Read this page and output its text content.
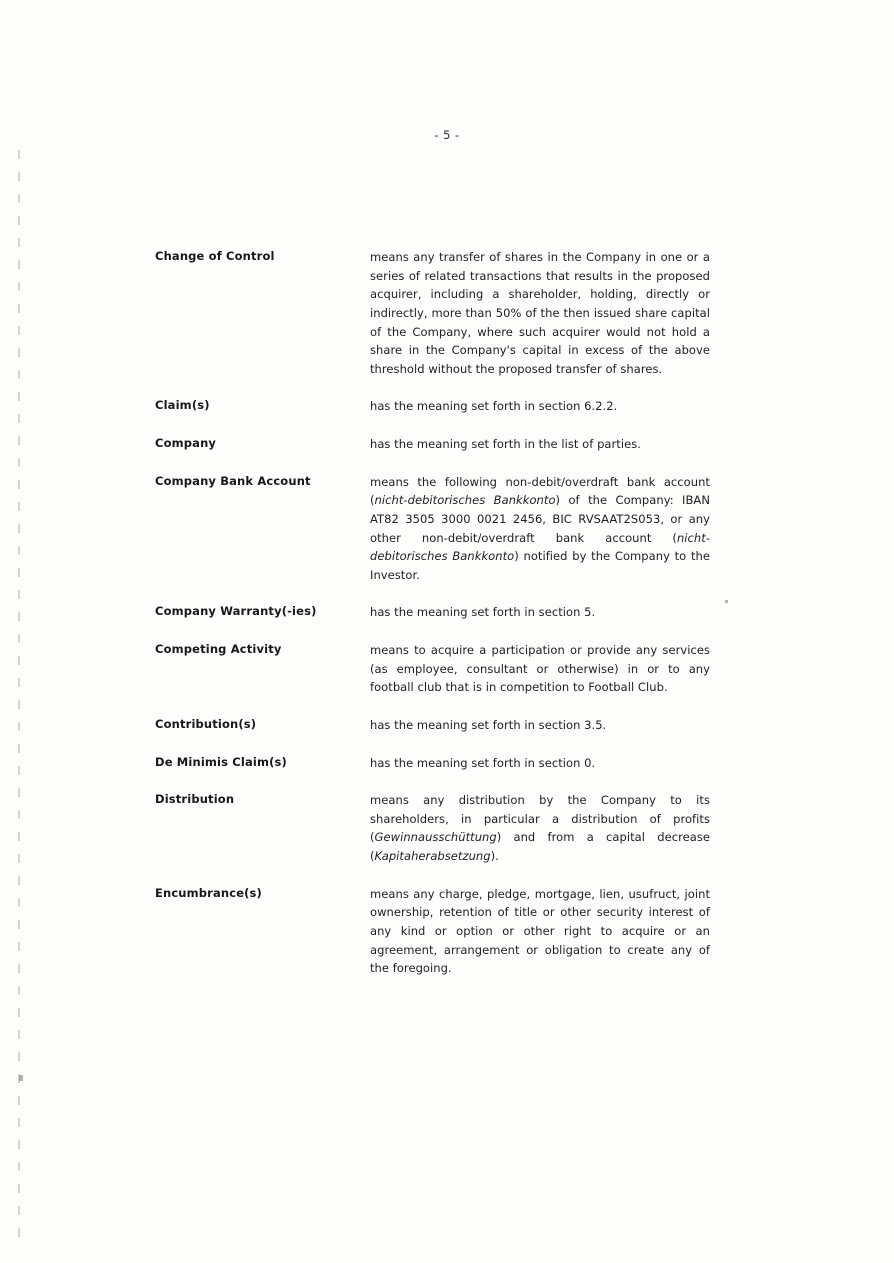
- 5 -
Change of Control	means any transfer of shares in the Company in one or a series of related transactions that results in the proposed acquirer, including a shareholder, holding, directly or indirectly, more than 50% of the then issued share capital of the Company, where such acquirer would not hold a share in the Company's capital in excess of the above threshold without the proposed transfer of shares.
Claim(s)	has the meaning set forth in section 6.2.2.
Company	has the meaning set forth in the list of parties.
Company Bank Account	means the following non-debit/overdraft bank account (nicht-debitorisches Bankkonto) of the Company: IBAN AT82 3505 3000 0021 2456, BIC RVSAAT2S053, or any other non-debit/overdraft bank account (nicht-debitorisches Bankkonto) notified by the Company to the Investor.
Company Warranty(-ies)	has the meaning set forth in section 5.
Competing Activity	means to acquire a participation or provide any services (as employee, consultant or otherwise) in or to any football club that is in competition to Football Club.
Contribution(s)	has the meaning set forth in section 3.5.
De Minimis Claim(s)	has the meaning set forth in section 0.
Distribution	means any distribution by the Company to its shareholders, in particular a distribution of profits (Gewinnausschüttung) and from a capital decrease (Kapitaherabsetzung).
Encumbrance(s)	means any charge, pledge, mortgage, lien, usufruct, joint ownership, retention of title or other security interest of any kind or option or other right to acquire or an agreement, arrangement or obligation to create any of the foregoing.
